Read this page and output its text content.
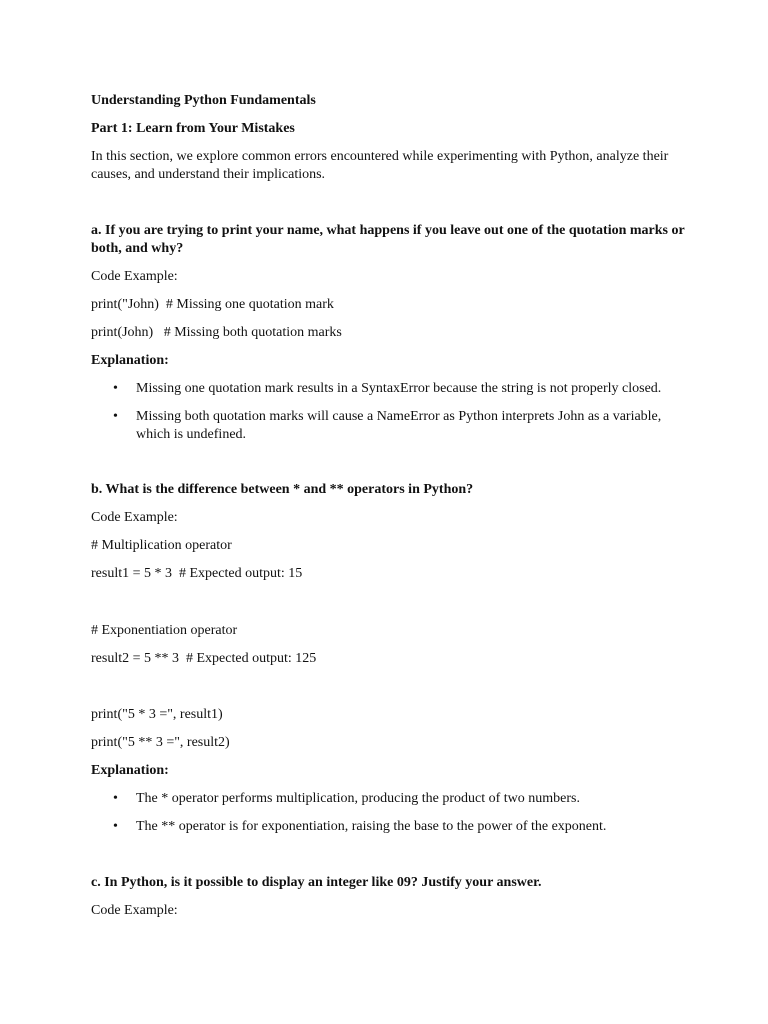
Understanding Python Fundamentals
Part 1: Learn from Your Mistakes
In this section, we explore common errors encountered while experimenting with Python, analyze their causes, and understand their implications.
a. If you are trying to print your name, what happens if you leave out one of the quotation marks or both, and why?
Code Example:
print("John)  # Missing one quotation mark
print(John)   # Missing both quotation marks
Explanation:
• Missing one quotation mark results in a SyntaxError because the string is not properly closed.
• Missing both quotation marks will cause a NameError as Python interprets John as a variable, which is undefined.
b. What is the difference between * and ** operators in Python?
Code Example:
# Multiplication operator
result1 = 5 * 3  # Expected output: 15
# Exponentiation operator
result2 = 5 ** 3  # Expected output: 125
print("5 * 3 =", result1)
print("5 ** 3 =", result2)
Explanation:
• The * operator performs multiplication, producing the product of two numbers.
• The ** operator is for exponentiation, raising the base to the power of the exponent.
c. In Python, is it possible to display an integer like 09? Justify your answer.
Code Example:
